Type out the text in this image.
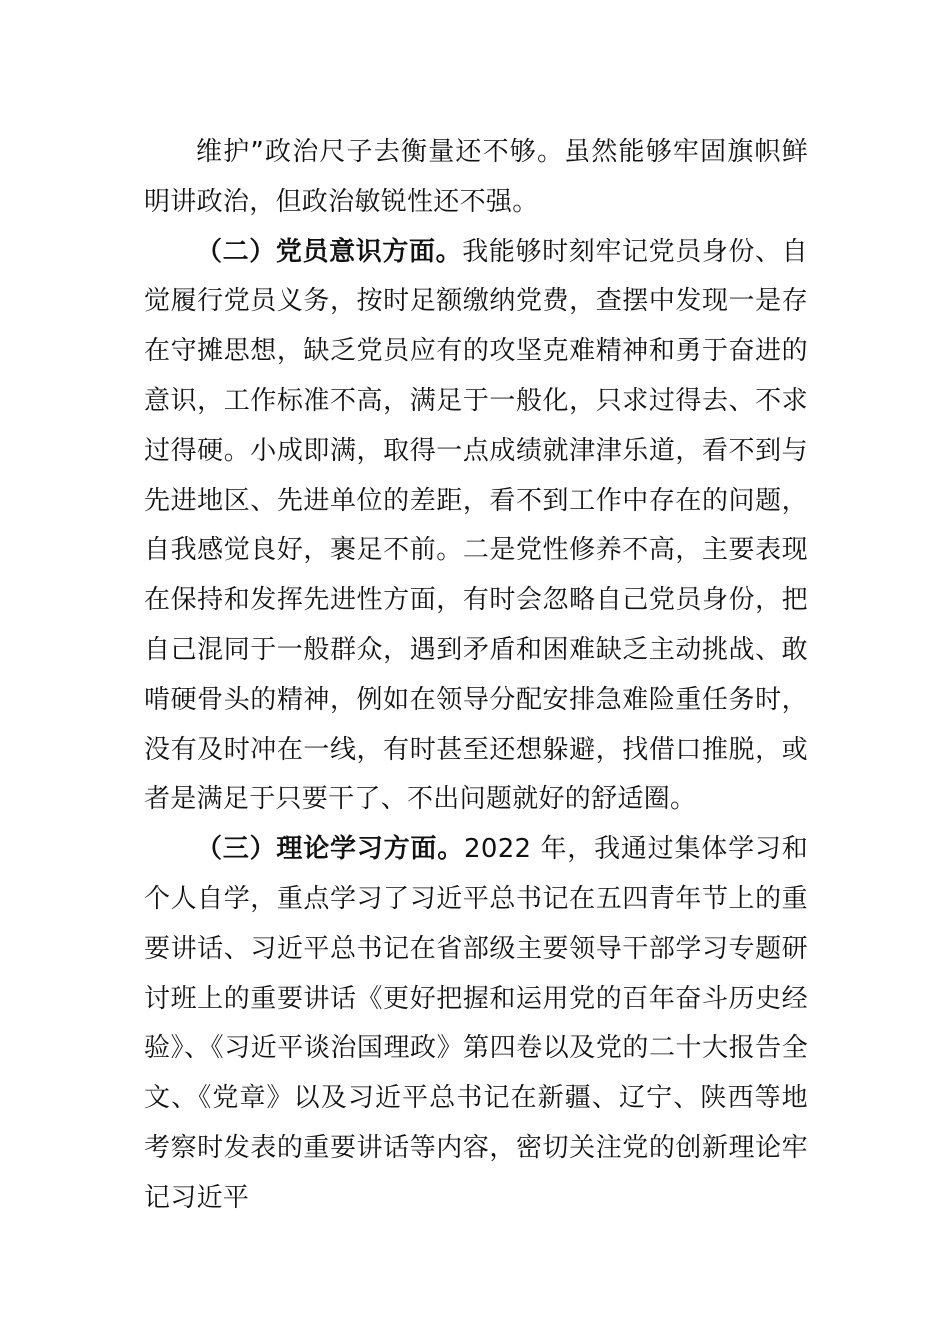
维护”政治尺子去衡量还不够。虽然能够牢固旗帜鲜明讲政治，但政治敏锐性还不强。

（二）党员意识方面。我能够时刻牢记党员身份、自觉履行党员义务，按时足额缴纳党费，查摆中发现一是存在守摊思想，缺乏党员应有的攻坚克难精神和勇于奋进的意识，工作标准不高，满足于一般化，只求过得去、不求过得硬。小成即满，取得一点成绩就津津乐道，看不到与先进地区、先进单位的差距，看不到工作中存在的问题，自我感觉良好，裹足不前。二是党性修养不高，主要表现在保持和发挥先进性方面，有时会忽略自己党员身份，把自己混同于一般群众，遇到矛盾和困难缺乏主动挑战、敢啃硬骨头的精神，例如在领导分配安排急难险重任务时，没有及时冲在一线，有时甚至还想躲避，找借口推脱，或者是满足于只要干了、不出问题就好的舒适圈。

（三）理论学习方面。2022 年，我通过集体学习和个人自学，重点学习了习近平总书记在五四青年节上的重要讲话、习近平总书记在省部级主要领导干部学习专题研讨班上的重要讲话《更好把握和运用党的百年奋斗历史经验》、《习近平谈治国理政》第四卷以及党的二十大报告全文、《党章》以及习近平总书记在新疆、辽宁、陕西等地考察时发表的重要讲话等内容，密切关注党的创新理论牢记习近平
